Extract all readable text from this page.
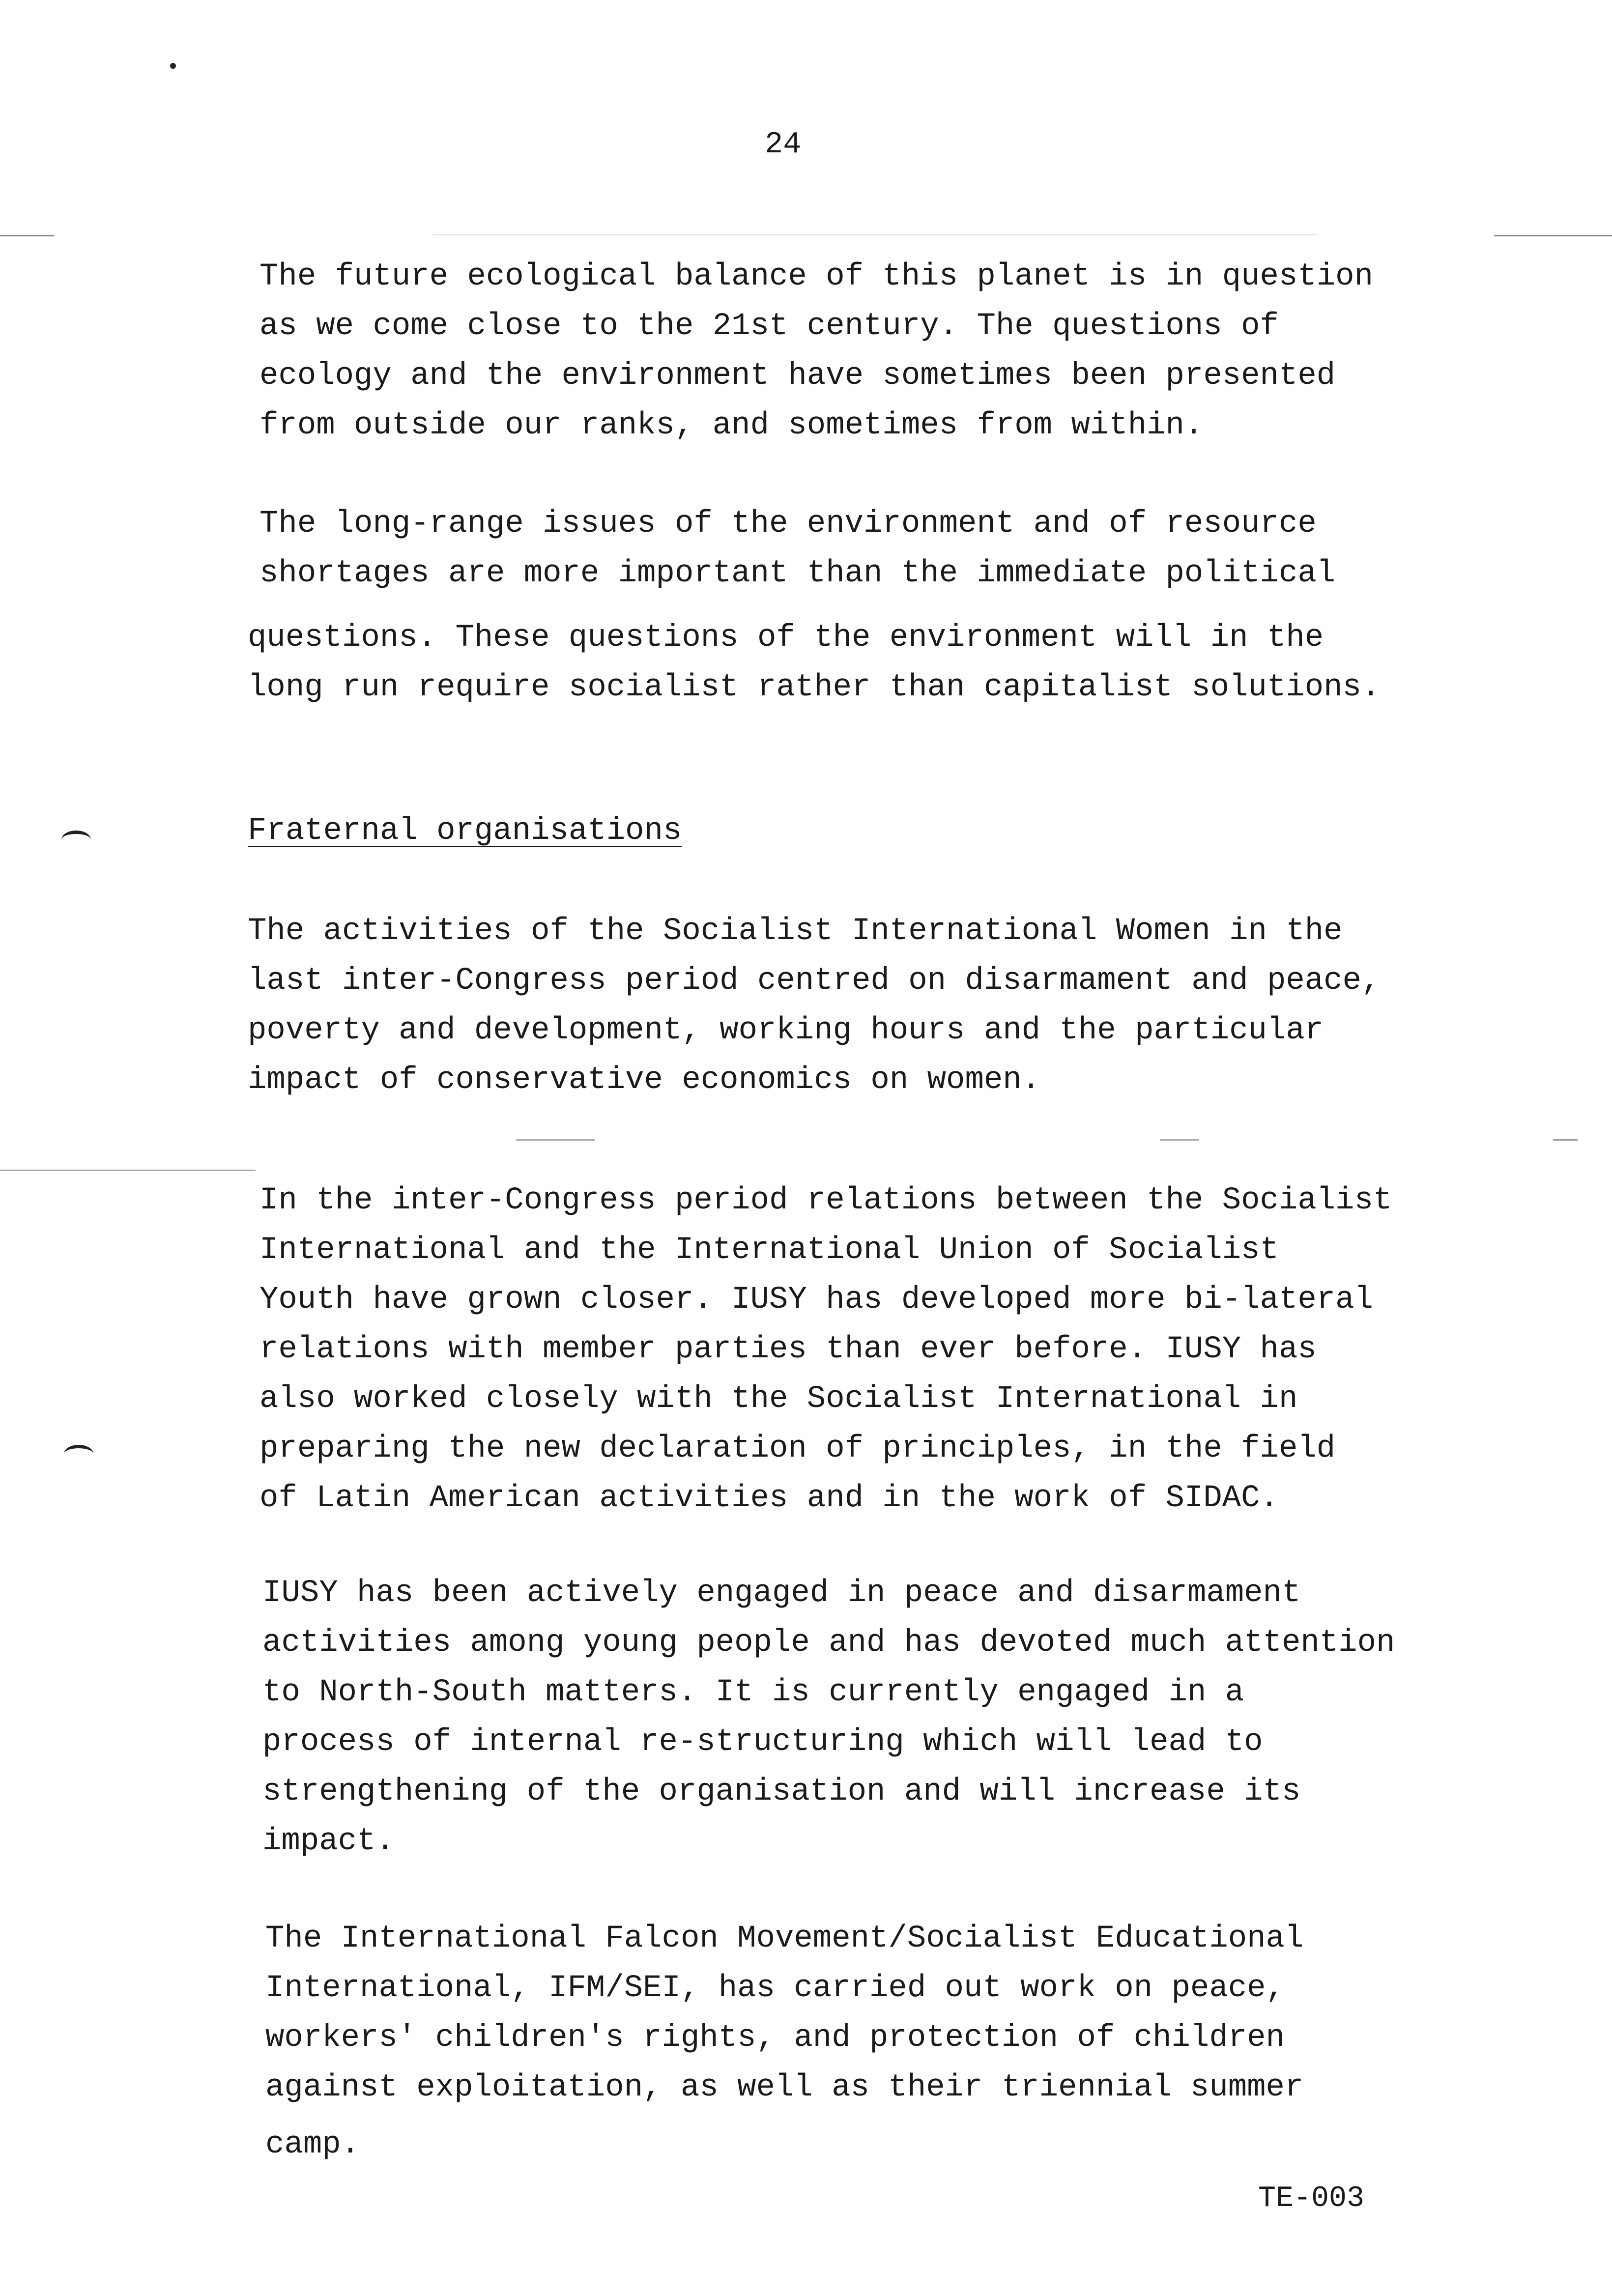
24
The future ecological balance of this planet is in question
as we come close to the 21st century. The questions of
ecology and the environment have sometimes been presented
from outside our ranks, and sometimes from within.
The long-range issues of the environment and of resource
shortages are more important than the immediate political
questions. These questions of the environment will in the
long run require socialist rather than capitalist solutions.
Fraternal organisations
The activities of the Socialist International Women in the
last inter-Congress period centred on disarmament and peace,
poverty and development, working hours and the particular
impact of conservative economics on women.
In the inter-Congress period relations between the Socialist
International and the International Union of Socialist
Youth have grown closer. IUSY has developed more bi-lateral
relations with member parties than ever before. IUSY has
also worked closely with the Socialist International in
preparing the new declaration of principles, in the field
of Latin American activities and in the work of SIDAC.
IUSY has been actively engaged in peace and disarmament
activities among young people and has devoted much attention
to North-South matters. It is currently engaged in a
process of internal re-structuring which will lead to
strengthening of the organisation and will increase its
impact.
The International Falcon Movement/Socialist Educational
International, IFM/SEI, has carried out work on peace,
workers' children's rights, and protection of children
against exploitation, as well as their triennial summer
camp.
TE-003
